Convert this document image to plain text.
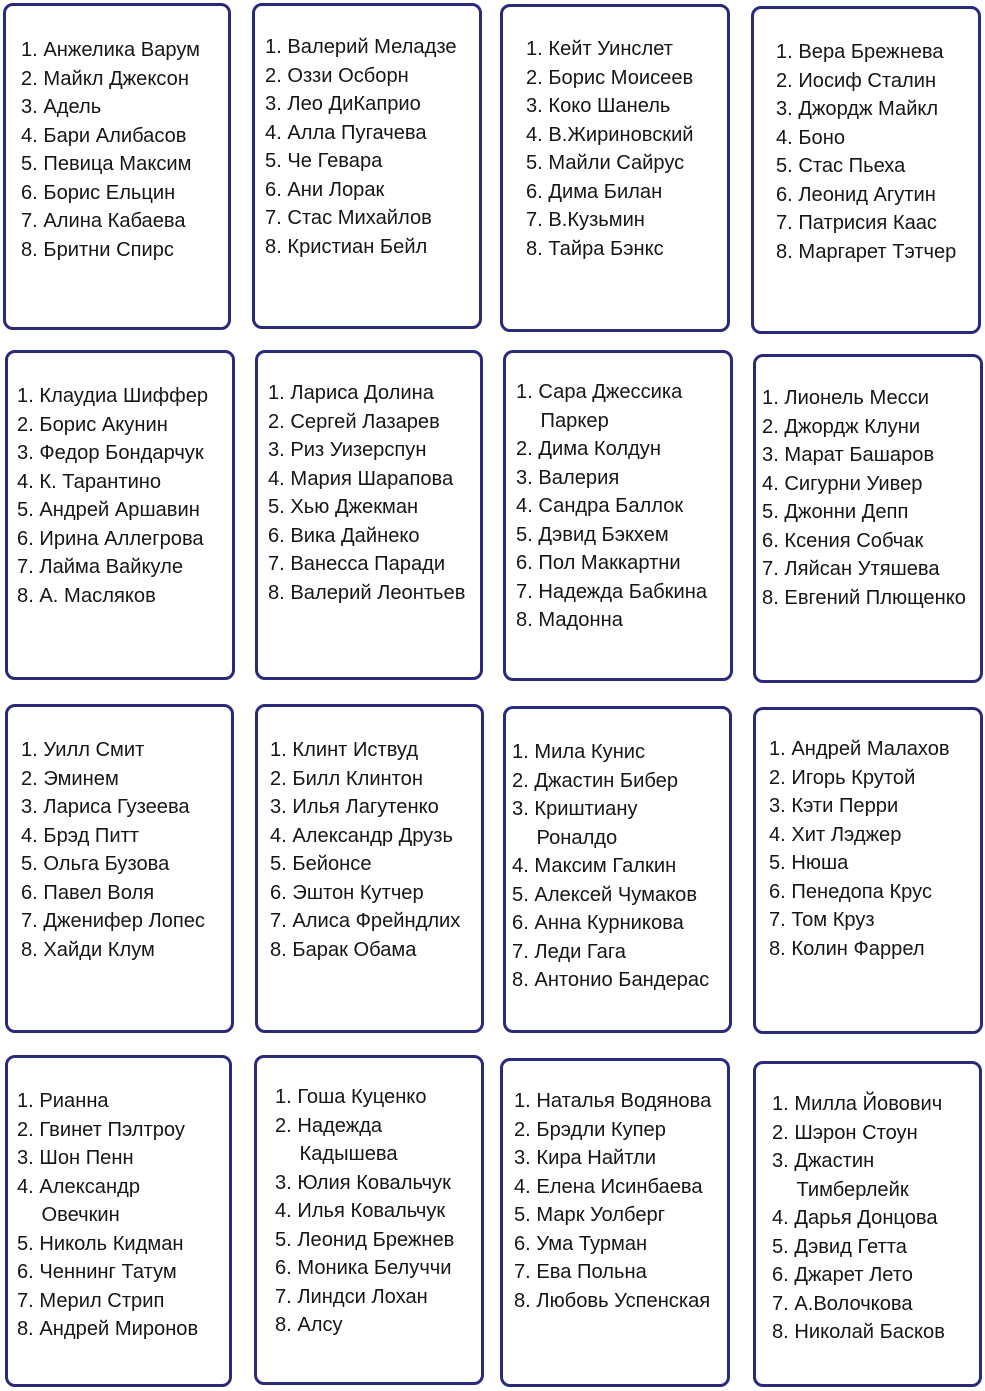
1. Анжелика Варум
2. Майкл Джексон
3. Адель
4. Бари Алибасов
5. Певица Максим
6. Борис Ельцин
7. Алина Кабаева
8. Бритни Спирс
1. Валерий Меладзе
2. Оззи Осборн
3. Лео ДиКаприо
4. Алла Пугачева
5. Че Гевара
6. Ани Лорак
7. Стас Михайлов
8. Кристиан Бейл
1. Кейт Уинслет
2. Борис Моисеев
3. Коко Шанель
4. В.Жириновский
5. Майли Сайрус
6. Дима Билан
7. В.Кузьмин
8. Тайра Бэнкс
1. Вера Брежнева
2. Иосиф Сталин
3. Джордж Майкл
4. Боно
5. Стас Пьеха
6. Леонид Агутин
7. Патрисия Каас
8. Маргарет Тэтчер
1. Клаудиа Шиффер
2. Борис Акунин
3. Федор Бондарчук
4. К. Тарантино
5. Андрей Аршавин
6. Ирина Аллегрова
7. Лайма Вайкуле
8. А. Масляков
1. Лариса Долина
2. Сергей Лазарев
3. Риз Уизерспун
4. Мария Шарапова
5. Хью Джекман
6. Вика Дайнеко
7. Ванесса Паради
8. Валерий Леонтьев
1. Сара Джессика
Паркер
2. Дима Колдун
3. Валерия
4. Сандра Баллок
5. Дэвид Бэкхем
6. Пол Маккартни
7. Надежда Бабкина
8. Мадонна
1. Лионель Месси
2. Джордж Клуни
3. Марат Башаров
4. Сигурни Уивер
5. Джонни Депп
6. Ксения Собчак
7. Ляйсан Утяшева
8. Евгений Плющенко
1. Уилл Смит
2. Эминем
3. Лариса Гузеева
4. Брэд Питт
5. Ольга Бузова
6. Павел Воля
7. Дженифер Лопес
8. Хайди Клум
1. Клинт Иствуд
2. Билл Клинтон
3. Илья Лагутенко
4. Александр Друзь
5. Бейонсе
6. Эштон Кутчер
7. Алиса Фрейндлих
8. Барак Обама
1. Мила Кунис
2. Джастин Бибер
3. Криштиану
Роналдо
4. Максим Галкин
5. Алексей Чумаков
6. Анна Курникова
7. Леди Гага
8. Антонио Бандерас
1. Андрей Малахов
2. Игорь Крутой
3. Кэти Перри
4. Хит Лэджер
5. Нюша
6. Пенедопа Крус
7. Том Круз
8. Колин Фаррел
1. Рианна
2. Гвинет Пэлтроу
3. Шон Пенн
4. Александр
Овечкин
5. Николь Кидман
6. Ченнинг Татум
7. Мерил Стрип
8. Андрей Миронов
1. Гоша Куценко
2. Надежда
Кадышева
3. Юлия Ковальчук
4. Илья Ковальчук
5. Леонид Брежнев
6. Моника Белуччи
7. Линдси Лохан
8. Алсу
1. Наталья Водянова
2. Брэдли Купер
3. Кира Найтли
4. Елена Исинбаева
5. Марк Уолберг
6. Ума Турман
7. Ева Польна
8. Любовь Успенская
1. Милла Йовович
2. Шэрон Стоун
3. Джастин
Тимберлейк
4. Дарья Донцова
5. Дэвид Гетта
6. Джарет Лето
7. А.Волочкова
8. Николай Басков
